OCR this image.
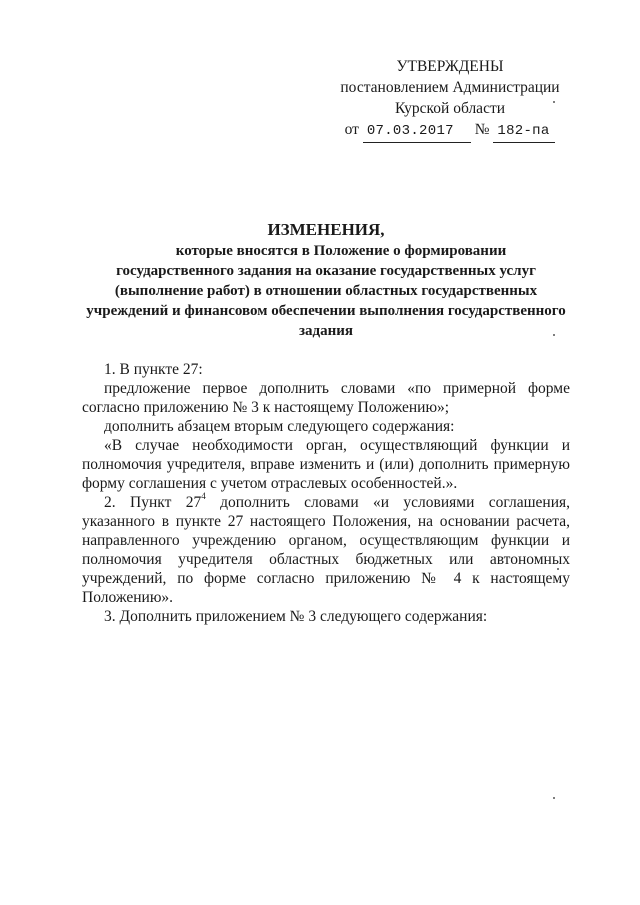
УТВЕРЖДЕНЫ
постановлением Администрации
Курской области
от 07.03.2017 № 182-па
ИЗМЕНЕНИЯ,
которые вносятся в Положение о формировании
государственного задания на оказание государственных услуг
(выполнение работ) в отношении областных государственных
учреждений и финансовом обеспечении выполнения государственного
задания

1. В пункте 27:

предложение первое дополнить словами «по примерной форме согласно приложению № 3 к настоящему Положению»;

дополнить абзацем вторым следующего содержания:

«В случае необходимости орган, осуществляющий функции и полномочия учредителя, вправе изменить и (или) дополнить примерную форму соглашения с учетом отраслевых особенностей.».

2. Пункт $27^4$ дополнить словами «и условиями соглашения, указанного в пункте 27 настоящего Положения, на основании расчета, направленного учреждению органом, осуществляющим функции и полномочия учредителя областных бюджетных или автономных учреждений, по форме согласно приложению № 4 к настоящему Положению».

3. Дополнить приложением № 3 следующего содержания:
